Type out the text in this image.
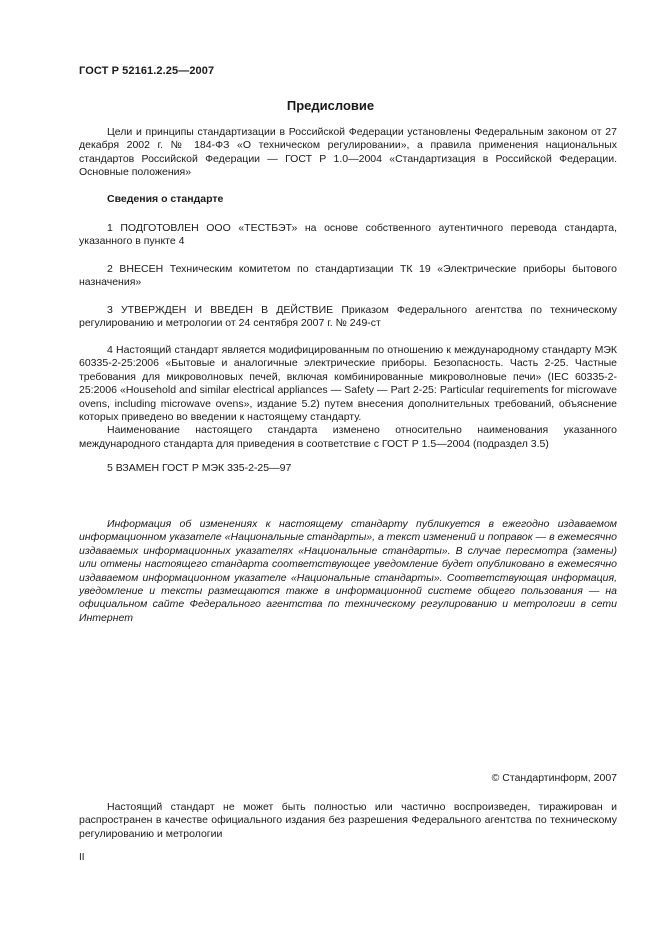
ГОСТ Р 52161.2.25—2007
Предисловие

Цели и принципы стандартизации в Российской Федерации установлены Федеральным законом от 27 декабря 2002 г. № 184-ФЗ «О техническом регулировании», а правила применения национальных стандартов Российской Федерации — ГОСТ Р 1.0—2004 «Стандартизация в Российской Федерации. Основные положения»

Сведения о стандарте

1 ПОДГОТОВЛЕН ООО «ТЕСТБЭТ» на основе собственного аутентичного перевода стандарта, указанного в пункте 4

2 ВНЕСЕН Техническим комитетом по стандартизации ТК 19 «Электрические приборы бытового назначения»

3 УТВЕРЖДЕН И ВВЕДЕН В ДЕЙСТВИЕ Приказом Федерального агентства по техническому регулированию и метрологии от 24 сентября 2007 г. № 249-ст

4 Настоящий стандарт является модифицированным по отношению к международному стандарту МЭК 60335-2-25:2006 «Бытовые и аналогичные электрические приборы. Безопасность. Часть 2-25. Частные требования для микроволновых печей, включая комбинированные микроволновые печи» (IEC 60335-2-25:2006 «Household and similar electrical appliances — Safety — Part 2-25: Particular requirements for microwave ovens, including microwave ovens», издание 5.2) путем внесения дополнительных требований, объяснение которых приведено во введении к настоящему стандарту.

Наименование настоящего стандарта изменено относительно наименования указанного международного стандарта для приведения в соответствие с ГОСТ Р 1.5—2004 (подраздел 3.5)

5 ВЗАМЕН ГОСТ Р МЭК 335-2-25—97

Информация об изменениях к настоящему стандарту публикуется в ежегодно издаваемом информационном указателе «Национальные стандарты», а текст изменений и поправок — в ежемесячно издаваемых информационных указателях «Национальные стандарты». В случае пересмотра (замены) или отмены настоящего стандарта соответствующее уведомление будет опубликовано в ежемесячно издаваемом информационном указателе «Национальные стандарты». Соответствующая информация, уведомление и тексты размещаются также в информационной системе общего пользования — на официальном сайте Федерального агентства по техническому регулированию и метрологии в сети Интернет

© Стандартинформ, 2007

Настоящий стандарт не может быть полностью или частично воспроизведен, тиражирован и распространен в качестве официального издания без разрешения Федерального агентства по техническому регулированию и метрологии

II
